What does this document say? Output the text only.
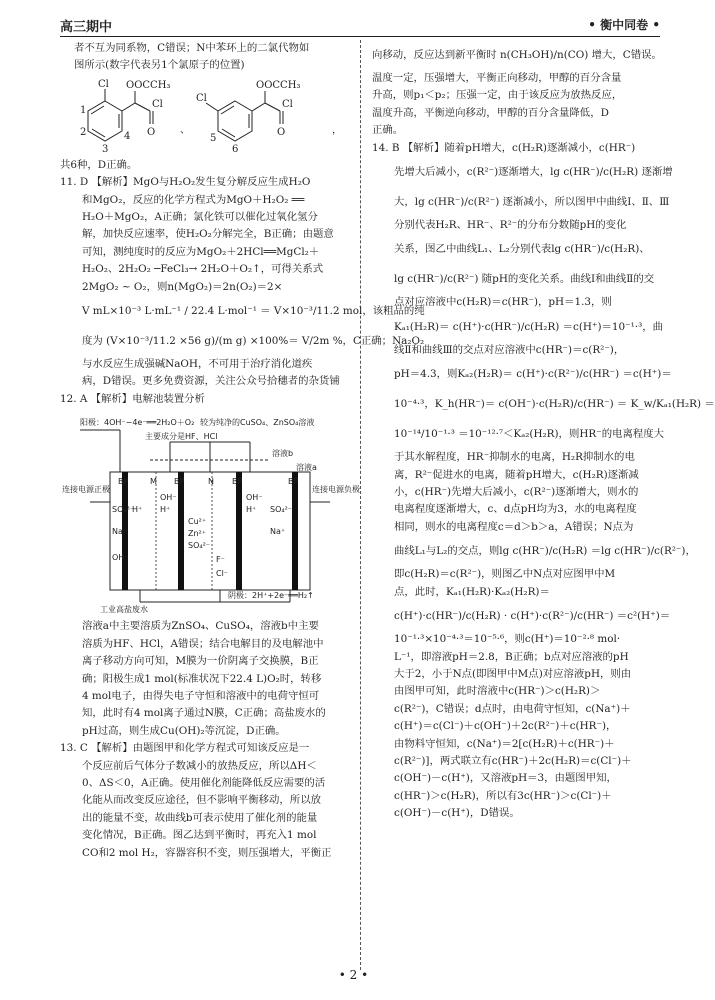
高三期中	• 衡中同卷 •
者不互为同系物，C错误；N中苯环上的二氯代物如
图所示(数字代表另1个氯原子的位置)
Cl OOCCH₃
Cl
O
1
2
3
4
、
Cl
OOCCH₃
Cl
O
5
6
，
共6种，D正确。
11. D 【解析】MgO与H₂O₂发生复分解反应生成H₂O
和MgO₂，反应的化学方程式为MgO＋H₂O₂ ══
H₂O＋MgO₂，A正确；氯化铁可以催化过氧化氢分
解，加快反应速率，使H₂O₂分解完全，B正确；由题意
可知，测纯度时的反应为MgO₂＋2HCl══MgCl₂＋
H₂O₂、2H₂O₂ ─FeCl₃→ 2H₂O＋O₂↑，可得关系式
2MgO₂ ~ O₂，则n(MgO₂)＝2n(O₂)＝2×
V mL×10⁻³ L·mL⁻¹ / 22.4 L·mol⁻¹ ＝ V×10⁻³/11.2 mol，该粗品的纯
度为 (V×10⁻³/11.2 ×56 g)/(m g) ×100%＝ V/2m %，C正确；Na₂O₂
与水反应生成强碱NaOH，不可用于治疗消化道疾
病，D错误。更多免费资源，关注公众号拾穗者的杂货铺
12. A 【解析】电解池装置分析
阳极：4OH⁻−4e⁻══2H₂O＋O₂ 较为纯净的CuSO₄、ZnSO₄溶液
主要成分是HF、HCl
溶液b
溶液a
连接电源正极	连接电源负极
BP	M BP	N BP	BP
SO₄²⁻
Na⁺
OH⁻
H⁺
OH⁻
H⁺
Cu²⁺
Zn²⁺
SO₄²⁻
F⁻
Cl⁻
OH⁻
H⁺ SO₄²⁻
Na⁺
工业高盐废水
阴极：2H⁺+2e⁻══H₂↑
溶液a中主要溶质为ZnSO₄、CuSO₄，溶液b中主要
溶质为HF、HCl，A错误；结合电解目的及电解池中
离子移动方向可知，M膜为一价阴离子交换膜，B正
确；阳极生成1 mol(标准状况下22.4 L)O₂时，转移
4 mol电子，由得失电子守恒和溶液中的电荷守恒可
知，此时有4 mol离子通过N膜，C正确；高盐废水的
pH过高，则生成Cu(OH)₂等沉淀，D正确。
13. C 【解析】由题图甲和化学方程式可知该反应是一
个反应前后气体分子数减小的放热反应，所以ΔH＜
0、ΔS＜0，A正确。使用催化剂能降低反应需要的活
化能从而改变反应途径，但不影响平衡移动，所以放
出的能量不变，故曲线b可表示使用了催化剂的能量
变化情况，B正确。图乙达到平衡时，再充入1 mol
CO和2 mol H₂，容器容积不变，则压强增大，平衡正
向移动，反应达到新平衡时 n(CH₃OH)/n(CO) 增大，C错误。
温度一定，压强增大，平衡正向移动，甲醇的百分含量
升高，则p₁＜p₂；压强一定，由于该反应为放热反应，
温度升高，平衡逆向移动，甲醇的百分含量降低，D
正确。
14. B 【解析】随着pH增大，c(H₂R)逐渐减小，c(HR⁻)
先增大后减小，c(R²⁻)逐渐增大，lg c(HR⁻)/c(H₂R) 逐渐增
大，lg c(HR⁻)/c(R²⁻) 逐渐减小，所以图甲中曲线Ⅰ、Ⅱ、Ⅲ
分别代表H₂R、HR⁻、R²⁻的分布分数随pH的变化
关系，图乙中曲线L₁、L₂分别代表lg c(HR⁻)/c(H₂R)、
lg c(HR⁻)/c(R²⁻) 随pH的变化关系。曲线Ⅰ和曲线Ⅱ的交
点对应溶液中c(H₂R)＝c(HR⁻)，pH＝1.3，则
Kₐ₁(H₂R)＝ c(H⁺)·c(HR⁻)/c(H₂R) ＝c(H⁺)＝10⁻¹·³，曲
线Ⅱ和曲线Ⅲ的交点对应溶液中c(HR⁻)＝c(R²⁻)，
pH＝4.3，则Kₐ₂(H₂R)＝ c(H⁺)·c(R²⁻)/c(HR⁻) ＝c(H⁺)＝
10⁻⁴·³，K_h(HR⁻)＝ c(OH⁻)·c(H₂R)/c(HR⁻) ＝ K_w/Kₐ₁(H₂R) ＝
10⁻¹⁴/10⁻¹·³ ＝10⁻¹²·⁷＜Kₐ₂(H₂R)，则HR⁻的电离程度大
于其水解程度，HR⁻抑制水的电离，H₂R抑制水的电
离，R²⁻促进水的电离，随着pH增大，c(H₂R)逐渐减
小，c(HR⁻)先增大后减小，c(R²⁻)逐渐增大，则水的
电离程度逐渐增大，c、d点pH均为3，水的电离程度
相同，则水的电离程度c＝d＞b＞a，A错误；N点为
曲线L₁与L₂的交点，则lg c(HR⁻)/c(H₂R) ＝lg c(HR⁻)/c(R²⁻)，
即c(H₂R)＝c(R²⁻)，则图乙中N点对应图甲中M
点，此时，Kₐ₁(H₂R)·Kₐ₂(H₂R)＝
c(H⁺)·c(HR⁻)/c(H₂R) · c(H⁺)·c(R²⁻)/c(HR⁻) ＝c²(H⁺)＝
10⁻¹·³×10⁻⁴·³＝10⁻⁵·⁶，则c(H⁺)＝10⁻²·⁸ mol·
L⁻¹，即溶液pH＝2.8，B正确；b点对应溶液的pH
大于2，小于N点(即图甲中M点)对应溶液pH，则由
由图甲可知，此时溶液中c(HR⁻)＞c(H₂R)＞
c(R²⁻)，C错误；d点时，由电荷守恒知，c(Na⁺)＋
c(H⁺)＝c(Cl⁻)＋c(OH⁻)＋2c(R²⁻)＋c(HR⁻)，
由物料守恒知，c(Na⁺)＝2[c(H₂R)＋c(HR⁻)＋
c(R²⁻)]，两式联立有c(HR⁻)＋2c(H₂R)＝c(Cl⁻)＋
c(OH⁻)－c(H⁺)，又溶液pH＝3，由题图甲知，
c(HR⁻)＞c(H₂R)，所以有3c(HR⁻)＞c(Cl⁻)＋
c(OH⁻)－c(H⁺)，D错误。
• 2 •
